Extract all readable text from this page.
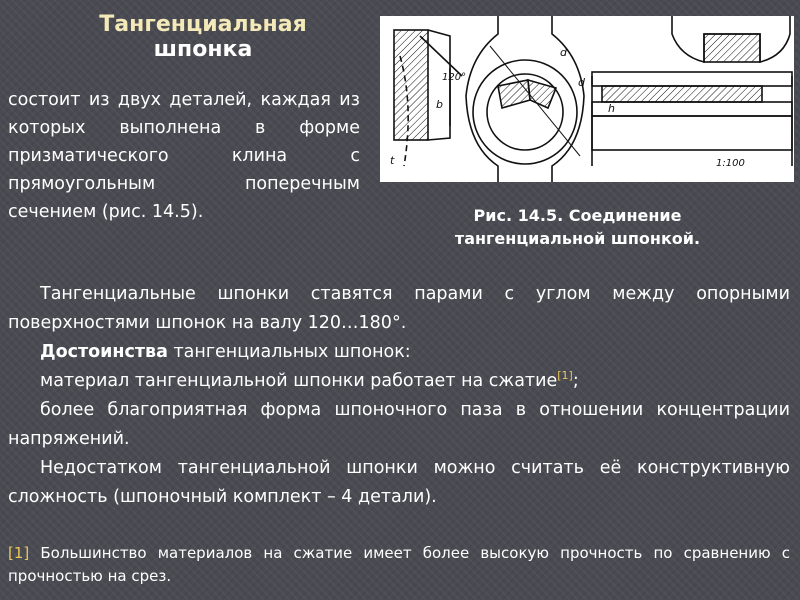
Тангенциальная
шпонка
состоит из двух деталей, каждая из которых выполнена в форме призматического клина с прямоугольным поперечным сечением (рис. 14.5).
120°
b
t
d
d
h
1:100
Рис. 14.5. Соединение
тангенциальной шпонкой.

Тангенциальные шпонки ставятся парами с углом между опорными поверхностями шпонок на валу 120…180°.

Достоинства тангенциальных шпонок:

материал тангенциальной шпонки работает на сжатие[1];

более благоприятная форма шпоночного паза в отношении концентрации напряжений.

Недостатком тангенциальной шпонки можно считать её конструктивную сложность (шпоночный комплект – 4 детали).

[1] Большинство материалов на сжатие имеет более высокую прочность по сравнению с прочностью на срез.
